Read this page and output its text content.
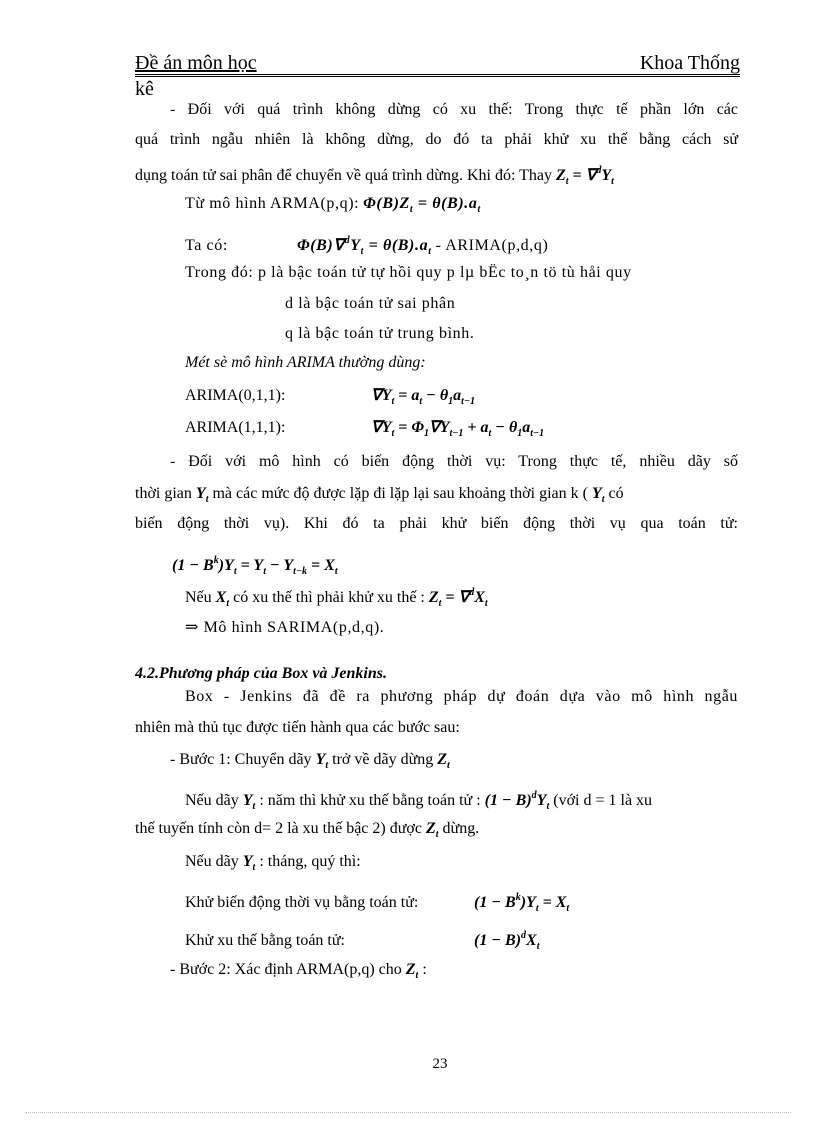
Đề án môn học	Khoa Thống
kê
- Đối với quá trình không dừng có xu thế: Trong thực tế phần lớn các
quá trình ngẫu nhiên là không dừng, do đó ta phải khử xu thế bằng cách sử
dụng toán tử sai phân để chuyển về quá trình dừng. Khi đó: Thay $Z_t = \nabla^dY_t$
Từ mô hình ARMA(p,q): $\Phi(B)Z_t = \theta(B).a_t$
Ta có:	$\Phi(B)\nabla^dY_t = \theta(B).a_t$ - ARIMA(p,d,q)
Trong đó: p là bậc toán tử tự hồi quy p lµ bËc to¸n tö tù håi quy
d là bậc toán tử sai phân
q là bậc toán tử trung bình.
Mét sè mô hình ARIMA thường dùng:
ARIMA(0,1,1):	$\nabla Y_t = a_t - \theta_1a_{t-1}$
ARIMA(1,1,1):	$\nabla Y_t = \Phi_1\nabla Y_{t-1} + a_t - \theta_1a_{t-1}$
- Đối với mô hình có biến động thời vụ: Trong thực tế, nhiều dãy số
thời gian $Y_t$ mà các mức độ được lặp đi lặp lại sau khoảng thời gian k ( $Y_t$ có
biến động thời vụ). Khi đó ta phải khử biến động thời vụ qua toán tử:
$(1 - B^k)Y_t = Y_t - Y_{t-k} = X_t$
Nếu $X_t$ có xu thế thì phải khử xu thế : $Z_t = \nabla^dX_t$
⇒ Mô hình SARIMA(p,d,q).
4.2.Phương pháp của Box và Jenkins.
Box - Jenkins đã đề ra phương pháp dự đoán dựa vào mô hình ngẫu
nhiên mà thủ tục được tiến hành qua các bước sau:
- Bước 1: Chuyển dãy $Y_t$ trở về dãy dừng $Z_t$
Nếu dãy $Y_t$ : năm thì khử xu thế bằng toán tử : $(1 - B)^dY_t$ (với d = 1 là xu
thế tuyến tính còn d= 2 là xu thế bậc 2) được $Z_t$ dừng.
Nếu dãy $Y_t$ : tháng, quý thì:
Khử biến động thời vụ bằng toán tử:	$(1 - B^k)Y_t = X_t$
Khử xu thế bằng toán tử:	$(1 - B)^dX_t$
- Bước 2: Xác định ARMA(p,q) cho $Z_t$ :
23
